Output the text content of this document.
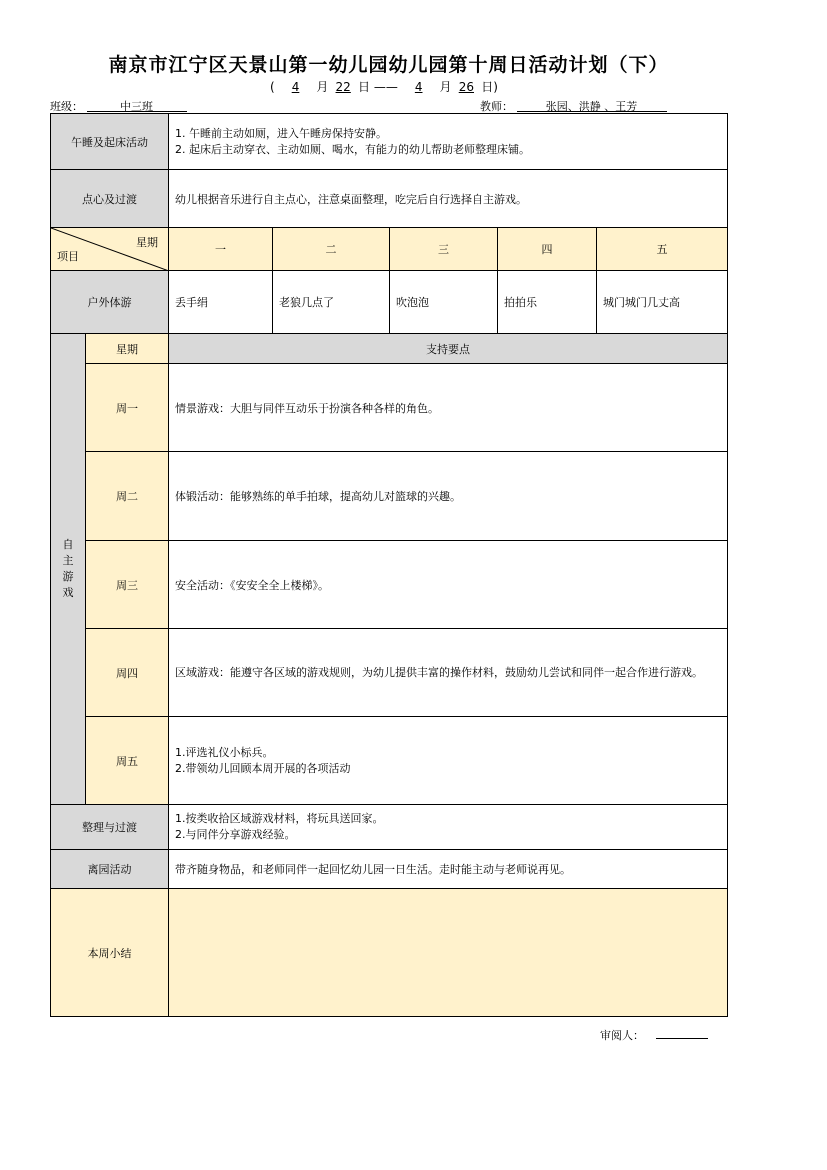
南京市江宁区天景山第一幼儿园幼儿园第十周日活动计划（下）
( 4 月 22 日 —— 4 月 26 日)
班级：	中三班	教师：	张园、洪静 、王芳
午睡及起床活动		1. 午睡前主动如厕，进入午睡房保持安静。
2. 起床后主动穿衣、主动如厕、喝水，有能力的幼儿帮助老师整理床铺。				

点心及过渡		幼儿根据音乐进行自主点心，注意桌面整理，吃完后自行选择自主游戏。				

星期
项目		一	二	三	四	五
户外体游		丢手绢	老狼几点了	吹泡泡	拍拍乐	城门城门几丈高

自主游戏	星期	支持要点				
	周一	情景游戏：大胆与同伴互动乐于扮演各种各样的角色。				

	周二	体锻活动：能够熟练的单手拍球，提高幼儿对篮球的兴趣。				

	周三	安全活动：《安安全全上楼梯》。				

	周四	区域游戏：能遵守各区域的游戏规则，为幼儿提供丰富的操作材料，鼓励幼儿尝试和同伴一起合作进行游戏。				

	周五	1.评选礼仪小标兵。
2.带领幼儿回顾本周开展的各项活动				

整理与过渡		1.按类收拾区域游戏材料，将玩具送回家。
2.与同伴分享游戏经验。				

离园活动		带齐随身物品，和老师同伴一起回忆幼儿园一日生活。走时能主动与老师说再见。				
本周小结						
审阅人：
